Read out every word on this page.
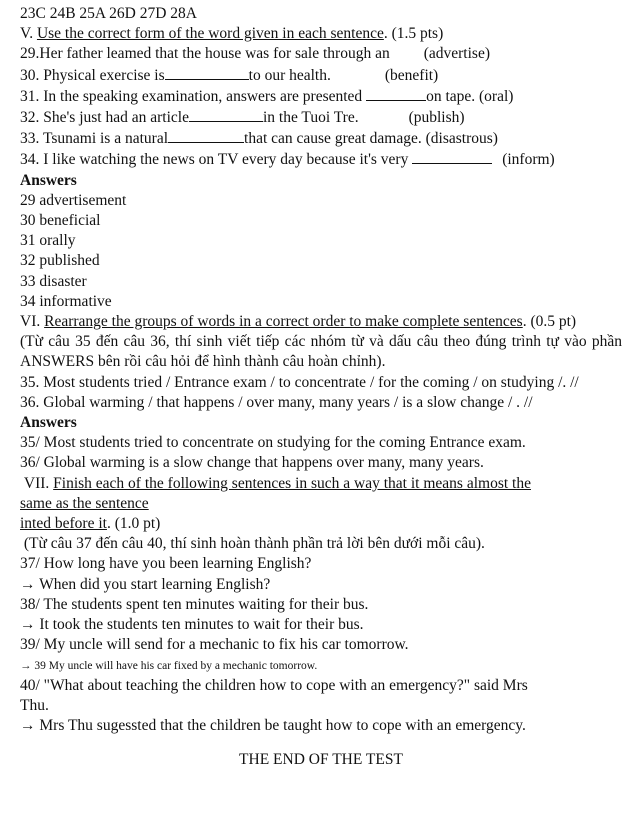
23C 24B 25A 26D 27D 28A
V. Use the correct form of the word given in each sentence. (1.5 pts)
29.Her father leamed that the house was for sale through an (advertise)
30. Physical exercise is	to our health.	(benefit)
31. In the speaking examination, answers are presented	on tape. (oral)
32. She's just had an article	in the Tuoi Tre.	(publish)
33. Tsunami is a natural	that can cause great damage. (disastrous)
34. I like watching the news on TV every day because it's very	(inform)
Answers
29 advertisement
30 beneficial
31 orally
32 published
33 disaster
34 informative
VI. Rearrange the groups of words in a correct order to make complete sentences. (0.5 pt)
(Từ câu 35 đến câu 36, thí sinh viết tiếp các nhóm từ và dấu câu theo đúng trình tự vào phần ANSWERS bên rồi câu hỏi để hình thành câu hoàn chỉnh).
35. Most students tried / Entrance exam / to concentrate / for the coming / on studying /. //
36. Global warming / that happens / over many, many years / is a slow change / . //
Answers
35/ Most students tried to concentrate on studying for the coming Entrance exam.
36/ Global warming is a slow change that happens over many, many years.
VII. Finish each of the following sentences in such a way that it means almost the
same as the sentence
inted before it. (1.0 pt)
(Từ câu 37 đến câu 40, thí sinh hoàn thành phần trả lời bên dưới mỗi câu).
37/ How long have you been learning English?
→ When did you start learning English?
38/ The students spent ten minutes waiting for their bus.
→ It took the students ten minutes to wait for their bus.
39/ My uncle will send for a mechanic to fix his car tomorrow.
→ 39 My uncle will have his car fixed by a mechanic tomorrow.
40/ "What about teaching the children how to cope with an emergency?" said Mrs
Thu.
→ Mrs Thu sugessted that the children be taught how to cope with an emergency.
THE END OF THE TEST
